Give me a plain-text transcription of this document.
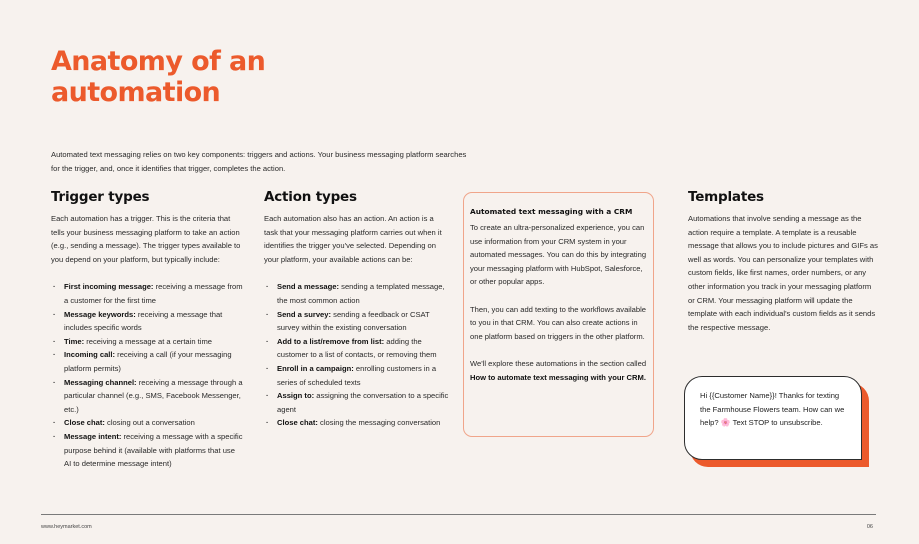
Anatomy of an automation

Automated text messaging relies on two key components: triggers and actions. Your business messaging platform searches for the trigger, and, once it identifies that trigger, completes the action.

Trigger types

Each automation has a trigger. This is the criteria that tells your business messaging platform to take an action (e.g., sending a message). The trigger types available to you depend on your platform, but typically include:

· First incoming message: receiving a message from a customer for the first time
· Message keywords: receiving a message that includes specific words
· Time: receiving a message at a certain time
· Incoming call: receiving a call (if your messaging platform permits)
· Messaging channel: receiving a message through a particular channel (e.g., SMS, Facebook Messenger, etc.)
· Close chat: closing out a conversation
· Message intent: receiving a message with a specific purpose behind it (available with platforms that use AI to determine message intent)
Action types

Each automation also has an action. An action is a task that your messaging platform carries out when it identifies the trigger you've selected. Depending on your platform, your available actions can be:

· Send a message: sending a templated message, the most common action
· Send a survey: sending a feedback or CSAT survey within the existing conversation
· Add to a list/remove from list: adding the customer to a list of contacts, or removing them
· Enroll in a campaign: enrolling customers in a series of scheduled texts
· Assign to: assigning the conversation to a specific agent
· Close chat: closing the messaging conversation
Automated text messaging with a CRM

To create an ultra-personalized experience, you can use information from your CRM system in your automated messages. You can do this by integrating your messaging platform with HubSpot, Salesforce, or other popular apps.

Then, you can add texting to the workflows available to you in that CRM. You can also create actions in one platform based on triggers in the other platform.

We'll explore these automations in the section called How to automate text messaging with your CRM.

Templates

Automations that involve sending a message as the action require a template. A template is a reusable message that allows you to include pictures and GIFs as well as words. You can personalize your templates with custom fields, like first names, order numbers, or any other information you track in your messaging platform or CRM. Your messaging platform will update the template with each individual's custom fields as it sends the respective message.

Hi {{Customer Name}}! Thanks for texting the Farmhouse Flowers team. How can we help? 🌸 Text STOP to unsubscribe.
www.heymarket.com	06
